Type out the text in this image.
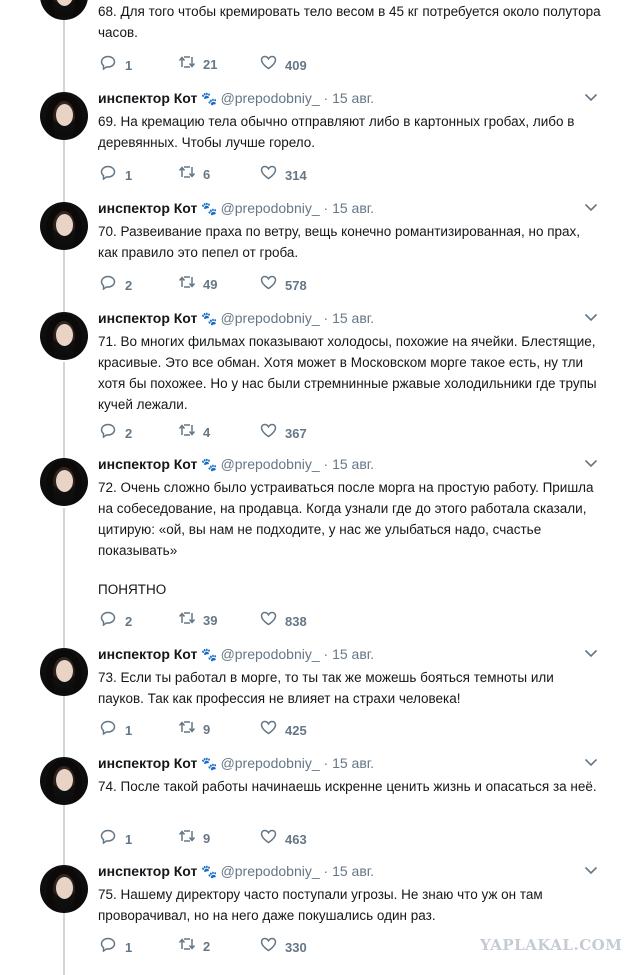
68. Для того чтобы кремировать тело весом в 45 кг потребуется около полутора часов.

1	21	409
инспектор Кот 🐾 @prepodobniy_ · 15 авг.

69. На кремацию тела обычно отправляют либо в картонных гробах, либо в деревянных. Чтобы лучше горело.

1	6	314
инспектор Кот 🐾 @prepodobniy_ · 15 авг.

70. Развеивание праха по ветру, вещь конечно романтизированная, но прах, как правило это пепел от гроба.

2	49	578
инспектор Кот 🐾 @prepodobniy_ · 15 авг.

71. Во многих фильмах показывают холодосы, похожие на ячейки. Блестящие, красивые. Это все обман. Хотя может в Московском морге такое есть, ну тли хотя бы похожее. Но у нас были стремнинные ржавые холодильники где трупы кучей лежали.

2	4	367
инспектор Кот 🐾 @prepodobniy_ · 15 авг.

72. Очень сложно было устраиваться после морга на простую работу. Пришла на собеседование, на продавца. Когда узнали где до этого работала сказали, цитирую: «ой, вы нам не подходите, у нас же улыбаться надо, счастье показывать»

ПОНЯТНО

2	39	838
инспектор Кот 🐾 @prepodobniy_ · 15 авг.

73. Если ты работал в морге, то ты так же можешь бояться темноты или пауков. Так как профессия не влияет на страхи человека!

1	9	425
инспектор Кот 🐾 @prepodobniy_ · 15 авг.

74. После такой работы начинаешь искренне ценить жизнь и опасаться за неё.

1	9	463
инспектор Кот 🐾 @prepodobniy_ · 15 авг.

75. Нашему директору часто поступали угрозы. Не знаю что уж он там проворачивал, но на него даже покушались один раз.

1	2	330	YAPLAKAL.COM
